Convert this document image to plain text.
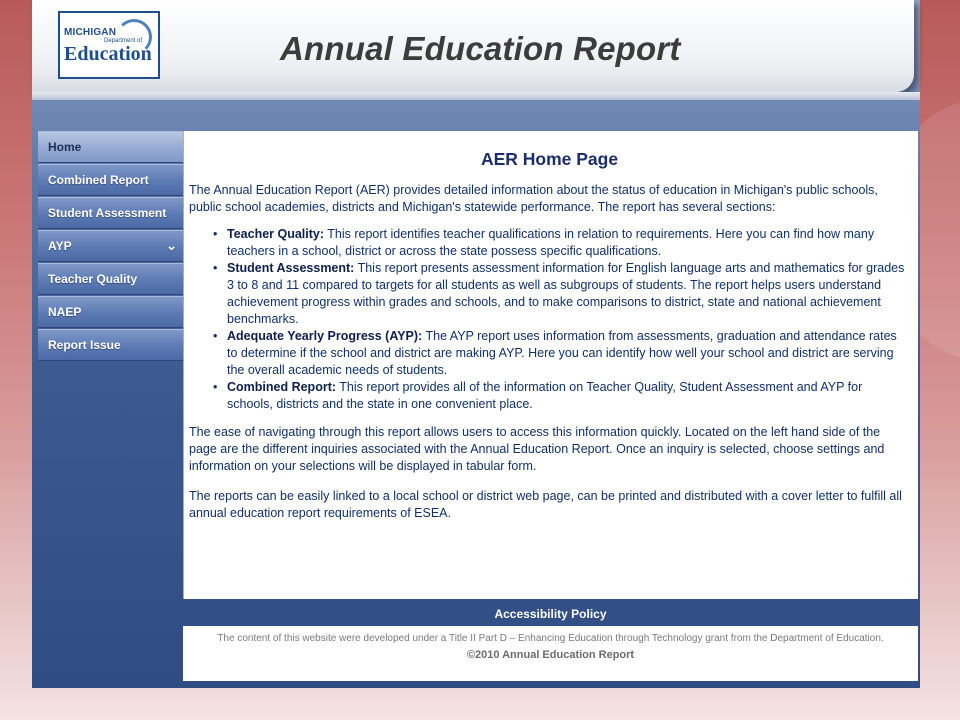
MICHIGAN
Department of
Education	Annual Education Report
Home
Combined Report
Student Assessment
AYP	⌄
Teacher Quality
NAEP
Report Issue
AER Home Page

The Annual Education Report (AER) provides detailed information about the status of education in Michigan's public schools, public school academies, districts and Michigan's statewide performance. The report has several sections:

• Teacher Quality: This report identifies teacher qualifications in relation to requirements. Here you can find how many teachers in a school, district or across the state possess specific qualifications.
• Student Assessment: This report presents assessment information for English language arts and mathematics for grades 3 to 8 and 11 compared to targets for all students as well as subgroups of students. The report helps users understand achievement progress within grades and schools, and to make comparisons to district, state and national achievement benchmarks.
• Adequate Yearly Progress (AYP): The AYP report uses information from assessments, graduation and attendance rates to determine if the school and district are making AYP. Here you can identify how well your school and district are serving the overall academic needs of students.
• Combined Report: This report provides all of the information on Teacher Quality, Student Assessment and AYP for schools, districts and the state in one convenient place.

The ease of navigating through this report allows users to access this information quickly. Located on the left hand side of the page are the different inquiries associated with the Annual Education Report. Once an inquiry is selected, choose settings and information on your selections will be displayed in tabular form.

The reports can be easily linked to a local school or district web page, can be printed and distributed with a cover letter to fulfill all annual education report requirements of ESEA.

Accessibility Policy
The content of this website were developed under a Title II Part D – Enhancing Education through Technology grant from the Department of Education.
©2010 Annual Education Report
